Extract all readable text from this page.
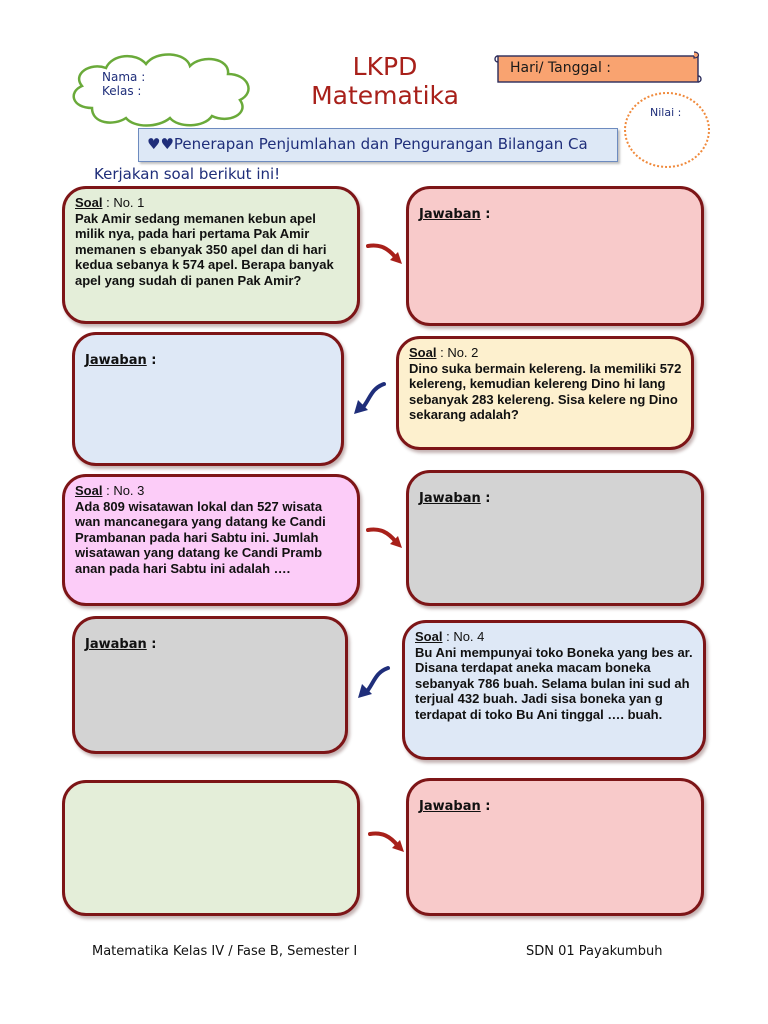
Nama :
Kelas :
LKPD
Matematika
Hari/ Tanggal :
Nilai :
♥♥Penerapan Penjumlahan dan Pengurangan Bilangan Ca
Kerjakan soal berikut ini!
Soal : No. 1
Pak Amir sedang memanen kebun apel milik nya, pada hari pertama Pak Amir memanen s ebanyak 350 apel dan di hari kedua sebanya k 574 apel. Berapa banyak apel yang sudah di panen Pak Amir?
Jawaban :
Jawaban :
Soal : No. 2
Dino suka bermain kelereng. Ia memiliki 572 kelereng, kemudian kelereng Dino hi lang sebanyak 283 kelereng. Sisa kelere ng Dino sekarang adalah?
Soal : No. 3
Ada 809 wisatawan lokal dan 527 wisata wan mancanegara yang datang ke Candi Prambanan pada hari Sabtu ini. Jumlah wisatawan yang datang ke Candi Pramb anan pada hari Sabtu ini adalah ….
Jawaban :
Jawaban :
Soal : No. 4
Bu Ani mempunyai toko Boneka yang bes ar. Disana terdapat aneka macam boneka sebanyak 786 buah. Selama bulan ini sud ah terjual 432 buah. Jadi sisa boneka yan g terdapat di toko Bu Ani tinggal …. buah.
Jawaban :
Matematika Kelas IV / Fase B, Semester I	SDN 01 Payakumbuh
